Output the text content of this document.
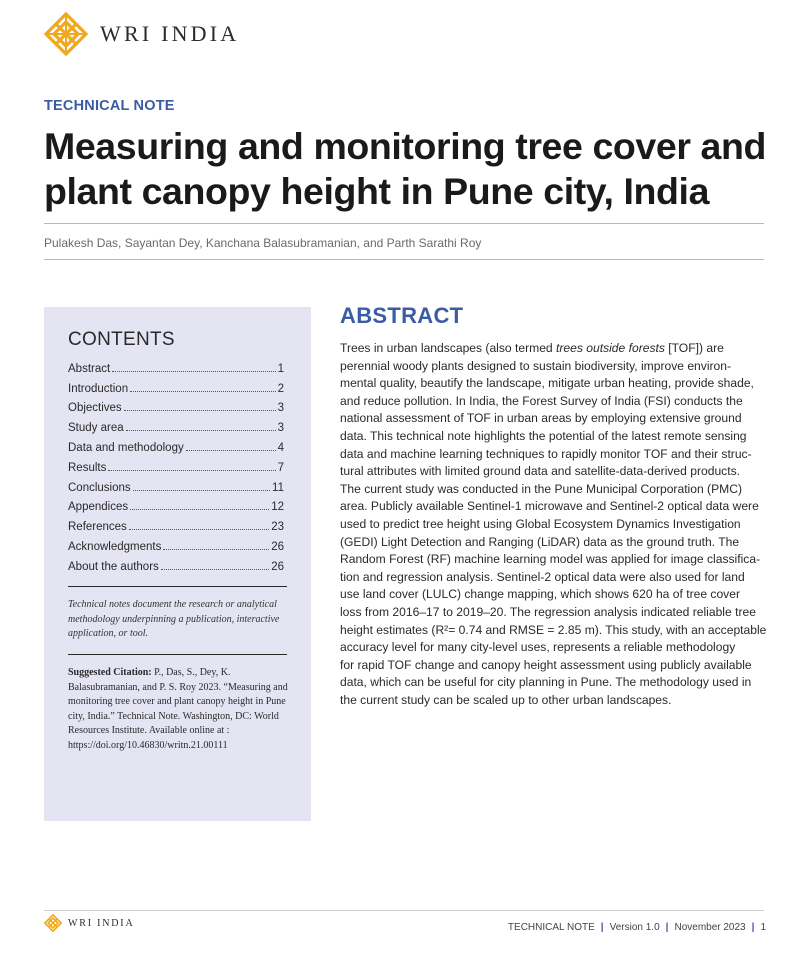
WRI INDIA
TECHNICAL NOTE
Measuring and monitoring tree cover and plant canopy height in Pune city, India
Pulakesh Das, Sayantan Dey, Kanchana Balasubramanian, and Parth Sarathi Roy
CONTENTS
Abstract	1
Introduction	2
Objectives	3
Study area	3
Data and methodology	4
Results	7
Conclusions	11
Appendices	12
References	23
Acknowledgments	26
About the authors	26

Technical notes document the research or analytical methodology underpinning a publication, interactive application, or tool.

Suggested Citation: P., Das, S., Dey, K. Balasubramanian, and P. S. Roy 2023. “Measuring and monitoring tree cover and plant canopy height in Pune city, India.” Technical Note. Washington, DC: World Resources Institute. Available online at : https://doi.org/10.46830/writn.21.00111

ABSTRACT
Trees in urban landscapes (also termed trees outside forests [TOF]) are
perennial woody plants designed to sustain biodiversity, improve environ-
mental quality, beautify the landscape, mitigate urban heating, provide shade,
and reduce pollution. In India, the Forest Survey of India (FSI) conducts the
national assessment of TOF in urban areas by employing extensive ground
data. This technical note highlights the potential of the latest remote sensing
data and machine learning techniques to rapidly monitor TOF and their struc-
tural attributes with limited ground data and satellite-data-derived products.
The current study was conducted in the Pune Municipal Corporation (PMC)
area. Publicly available Sentinel-1 microwave and Sentinel-2 optical data were
used to predict tree height using Global Ecosystem Dynamics Investigation
(GEDI) Light Detection and Ranging (LiDAR) data as the ground truth. The
Random Forest (RF) machine learning model was applied for image classifica-
tion and regression analysis. Sentinel-2 optical data were also used for land
use land cover (LULC) change mapping, which shows 620 ha of tree cover
loss from 2016–17 to 2019–20. The regression analysis indicated reliable tree
height estimates (R²= 0.74 and RMSE = 2.85 m). This study, with an acceptable
accuracy level for many city-level uses, represents a reliable methodology
for rapid TOF change and canopy height assessment using publicly available
data, which can be useful for city planning in Pune. The methodology used in
the current study can be scaled up to other urban landscapes.
WRI INDIA	TECHNICAL NOTE | Version 1.0 | November 2023 | 1
